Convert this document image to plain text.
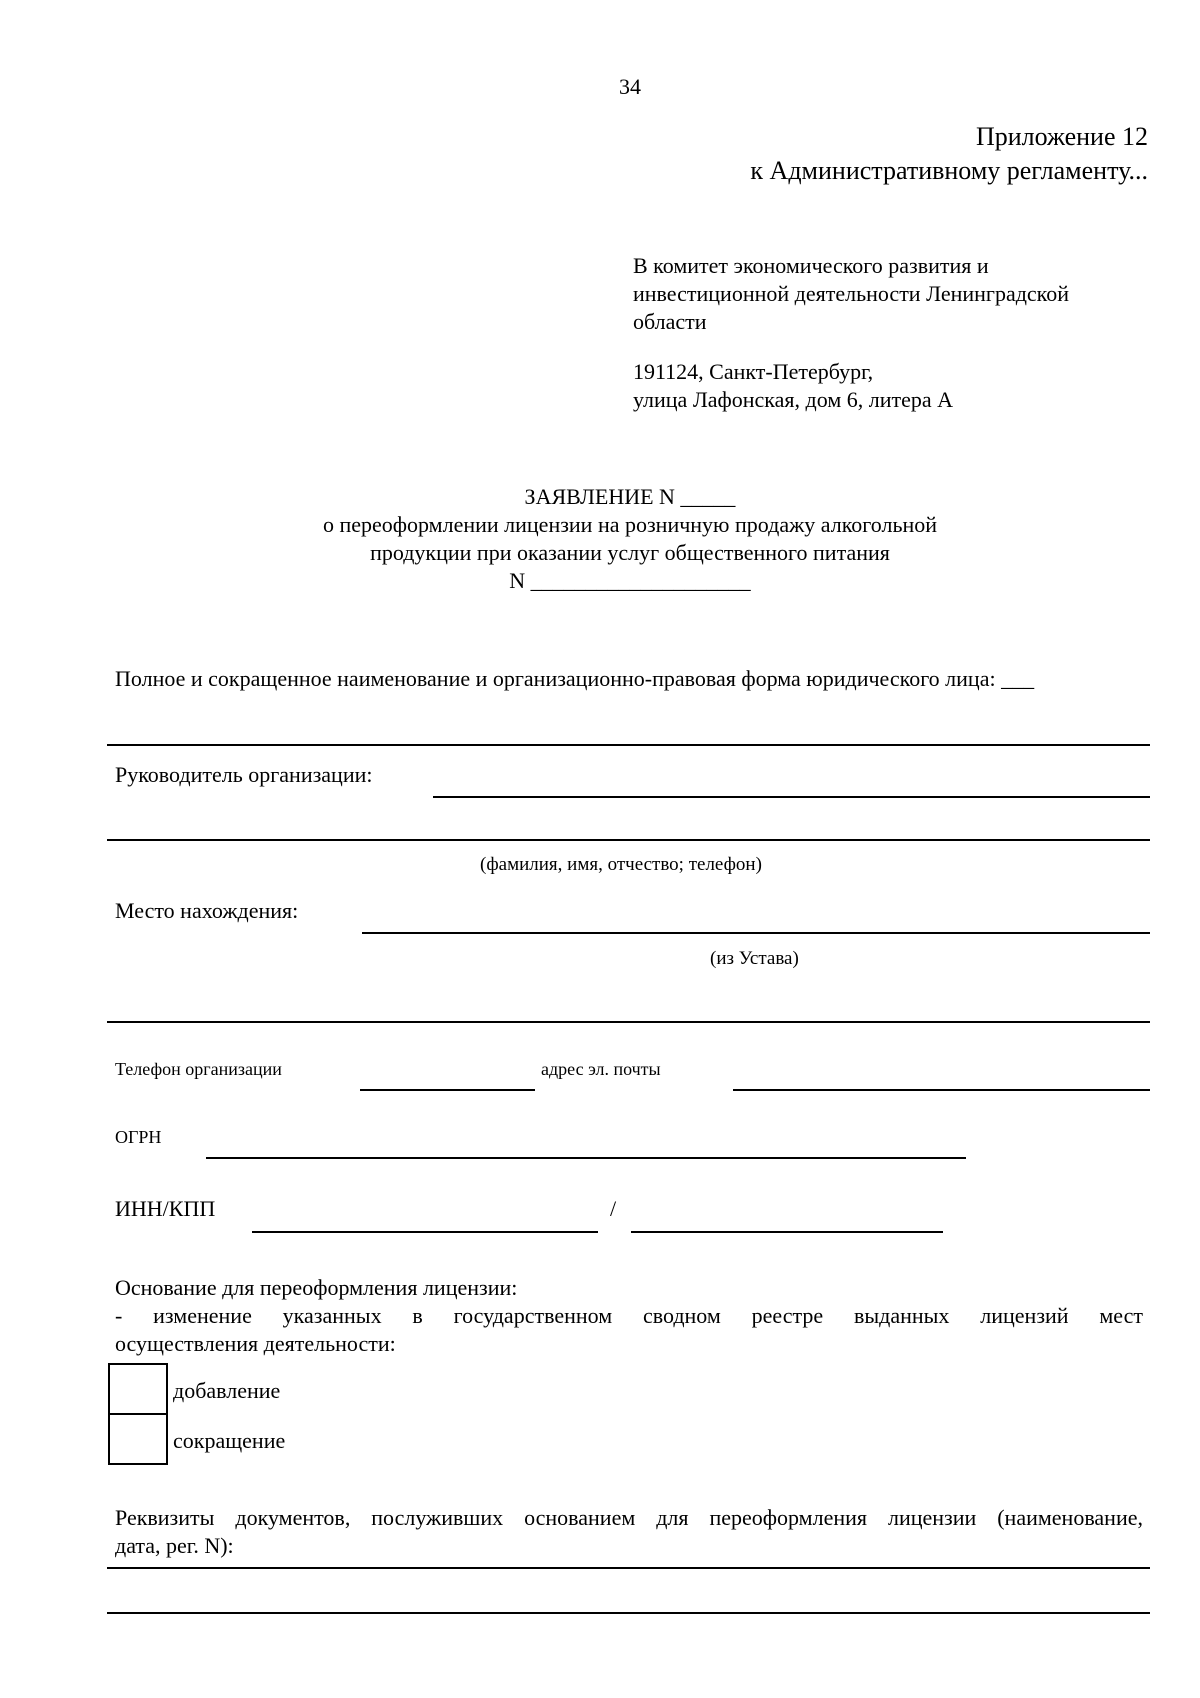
34
Приложение 12
к Административному регламенту...
В комитет экономического развития и
инвестиционной деятельности Ленинградской
области
191124, Санкт-Петербург,
улица Лафонская, дом 6, литера А
ЗАЯВЛЕНИЕ N _____
о переоформлении лицензии на розничную продажу алкогольной
продукции при оказании услуг общественного питания
N ____________________
Полное и сокращенное наименование и организационно-правовая форма юридического лица: ___
Руководитель организации:
(фамилия, имя, отчество; телефон)
Место нахождения:
(из Устава)
Телефон организации	адрес эл. почты
ОГРН
ИНН/КПП	/
Основание для переоформления лицензии:
- изменение указанных в государственном сводном реестре выданных лицензий мест
осуществления деятельности:
добавление
сокращение
Реквизиты документов, послуживших основанием для переоформления лицензии (наименование,
дата, рег. N):
